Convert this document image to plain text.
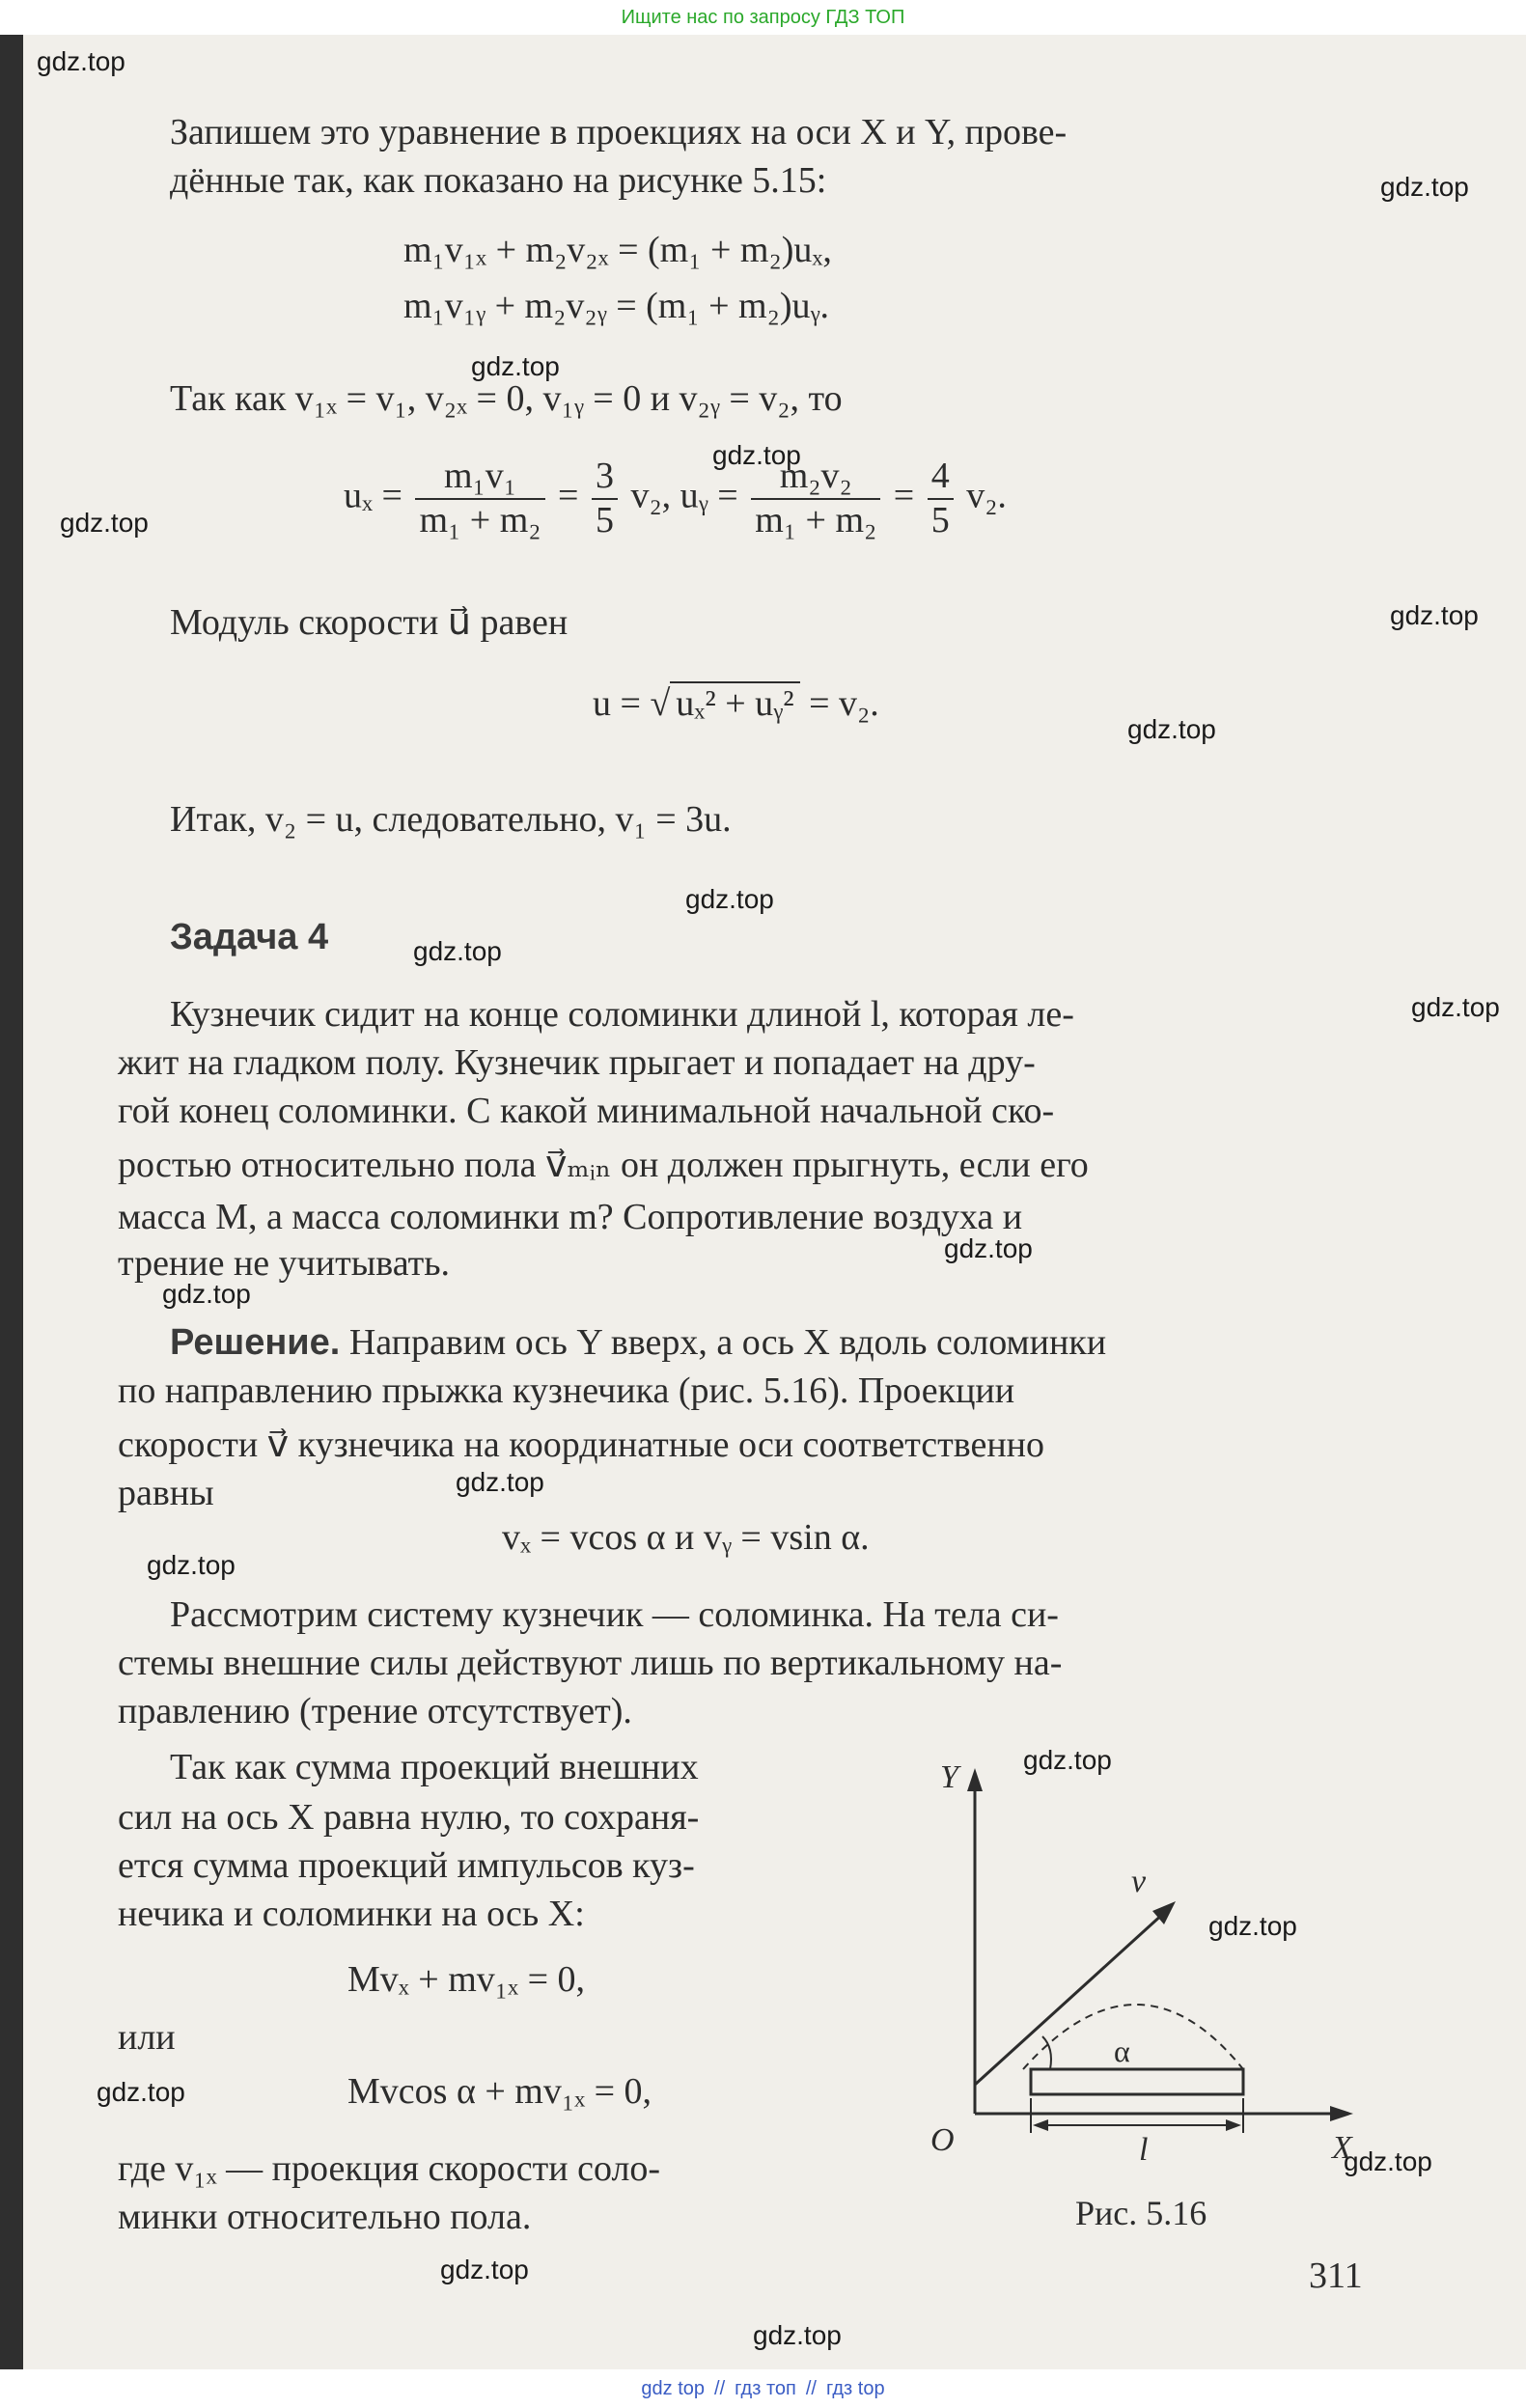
Ищите нас по запросу ГДЗ ТОП
gdz.top
gdz.top
gdz.top
gdz.top
gdz.top
gdz.top
gdz.top
gdz.top
gdz.top
gdz.top
gdz.top
gdz.top
gdz.top
gdz.top
gdz.top
gdz.top
gdz.top
gdz.top
gdz.top
gdz.top
Запишем это уравнение в проекциях на оси X и Y, прове-
дённые так, как показано на рисунке 5.15:
m₁v₁ₓ + m₂v₂ₓ = (m₁ + m₂)uₓ,
m₁v₁ᵧ + m₂v₂ᵧ = (m₁ + m₂)uᵧ.
Так как v₁ₓ = v₁, v₂ₓ = 0, v₁ᵧ = 0 и v₂ᵧ = v₂, то
$u_x = \frac{\text{m₁v₁}}{\text{m₁ + m₂}} = \frac{3}{5} v_2$, uᵧ = $\frac{\text{m₂v₂}}{\text{m₁ + m₂}} = \frac{4}{5} v_2$.
Модуль скорости u⃗ равен
u = √ uₓ² + uᵧ² = v₂.
Итак, v₂ = u, следовательно, v₁ = 3u.
Задача 4
Кузнечик сидит на конце соломинки длиной l, которая ле-
жит на гладком полу. Кузнечик прыгает и попадает на дру-
гой конец соломинки. С какой минимальной начальной ско-
ростью относительно пола v⃗ₘᵢₙ он должен прыгнуть, если его
масса M, а масса соломинки m? Сопротивление воздуха и
трение не учитывать.
Решение. Направим ось Y вверх, а ось X вдоль соломинки
по направлению прыжка кузнечика (рис. 5.16). Проекции
скорости v⃗ кузнечика на координатные оси соответственно
равны
vₓ = vcos α и vᵧ = vsin α.
Рассмотрим систему кузнечик — соломинка. На тела си-
стемы внешние силы действуют лишь по вертикальному на-
правлению (трение отсутствует).
Так как сумма проекций внешних
сил на ось X равна нулю, то сохраня-
ется сумма проекций импульсов куз-
нечика и соломинки на ось X:
Mvₓ + mv₁ₓ = 0,
или
Mvcos α + mv₁ₓ = 0,
где v₁ₓ — проекция скорости соло-
минки относительно пола.
Y
X
O
v⃗
α
l
Рис. 5.16
311
gdz top // гдз топ // гдз top
